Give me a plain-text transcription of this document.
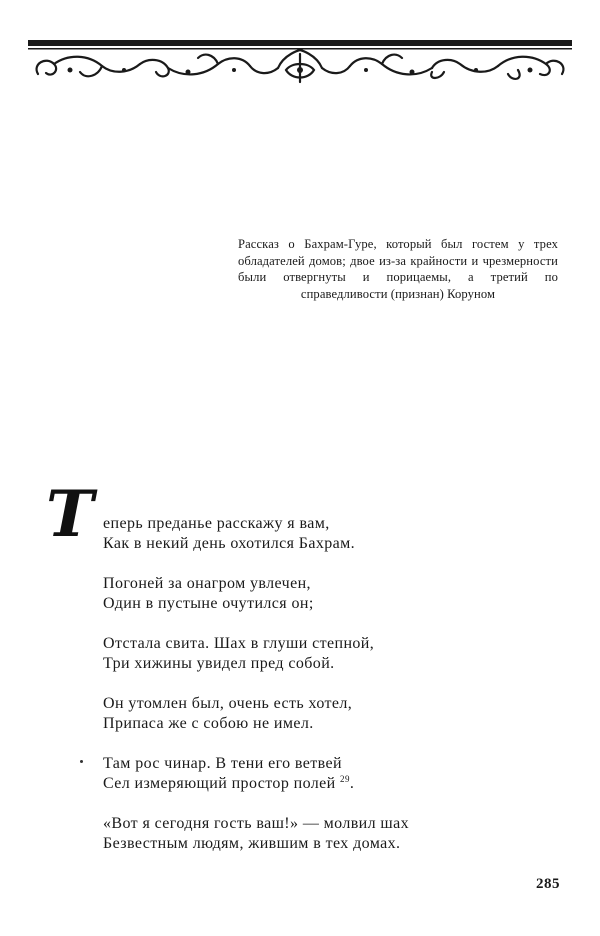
Рассказ о Бахрам-Гуре, который был гостем у трех обладателей домов; двое из-за крайности и чрезмерности были отвергнуты и порицаемы, а третий по справедливости (признан) Коруном
Т еперь преданье расскажу я вам,
Как в некий день охотился Бахрам.
Погоней за онагром увлечен,
Один в пустыне очутился он;
Отстала свита. Шах в глуши степной,
Три хижины увидел пред собой.
Он утомлен был, очень есть хотел,
Припаса же с собою не имел.
Там рос чинар. В тени его ветвей
Сел измеряющий простор полей $^{29}$.
«Вот я сегодня гость ваш!» — молвил шах
Безвестным людям, жившим в тех домах.
285
